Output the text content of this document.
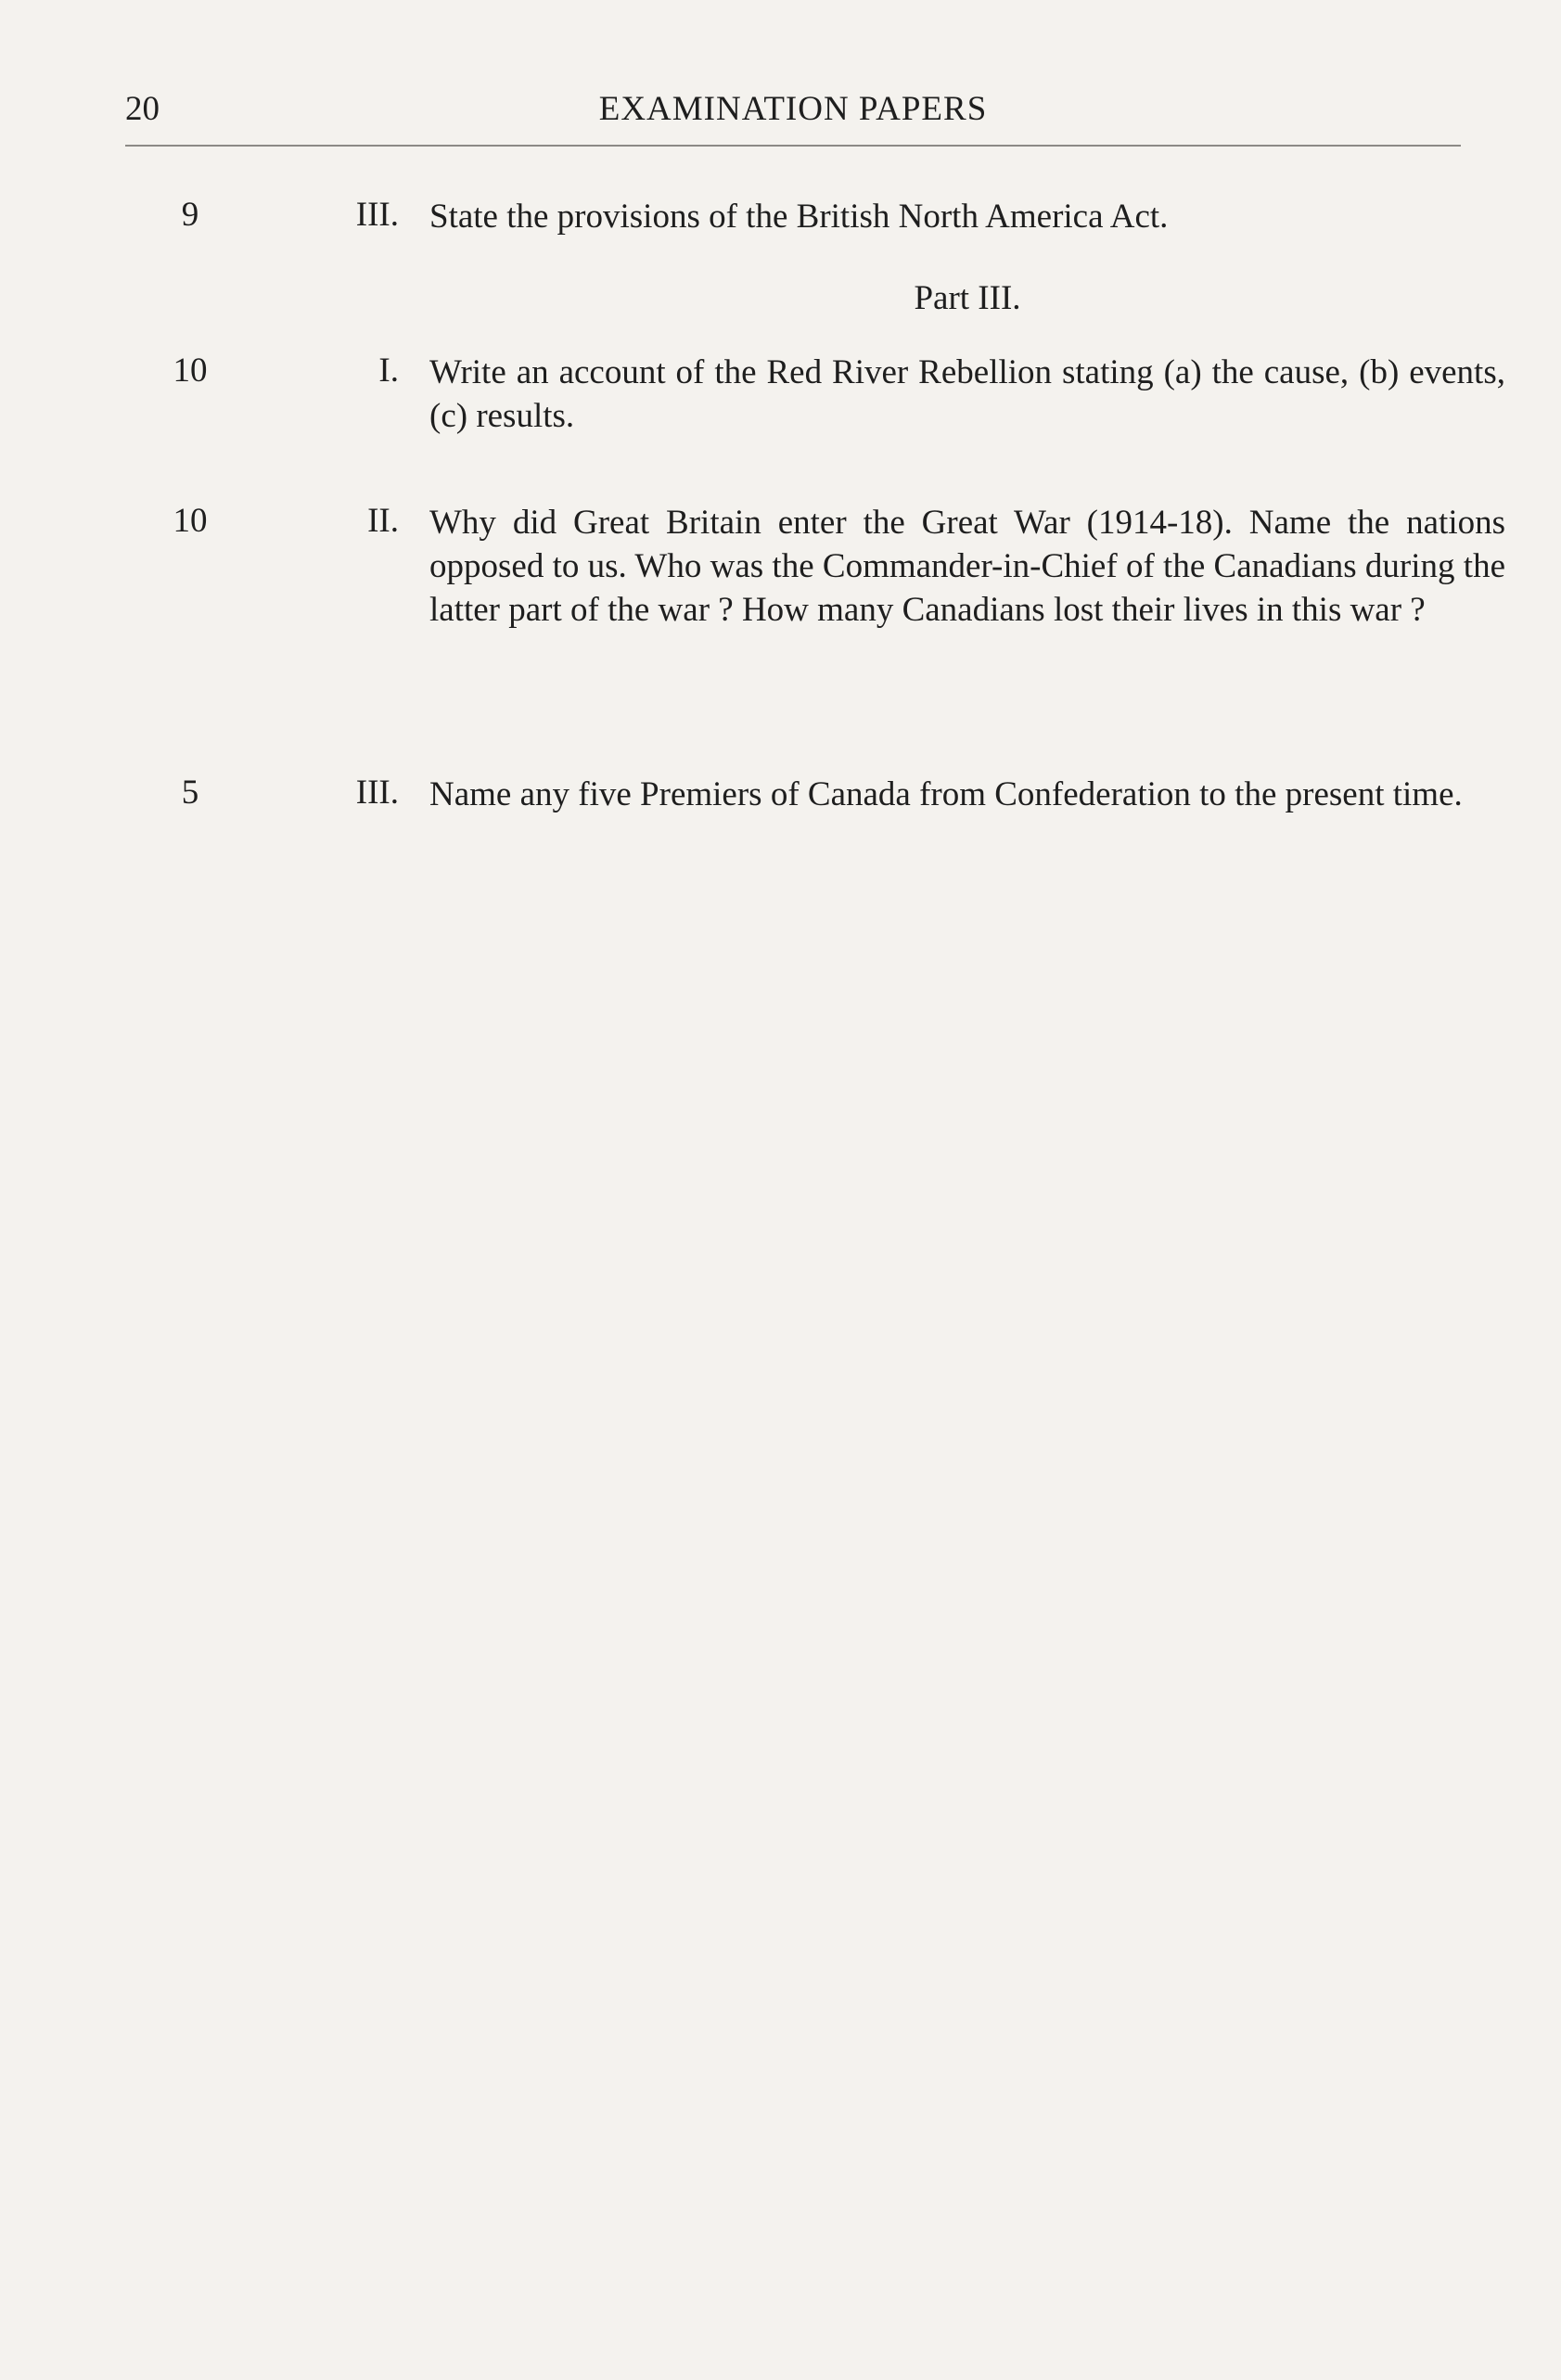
20	EXAMINATION PAPERS
9	III. State the provisions of the British North America Act.
Part III.
10	I. Write an account of the Red River Rebellion stating (a) the cause, (b) events, (c) results.
10	II. Why did Great Britain enter the Great War (1914-18). Name the nations opposed to us. Who was the Commander-in-Chief of the Canadians during the latter part of the war ? How many Canadians lost their lives in this war ?
5	III. Name any five Premiers of Canada from Confederation to the present time.
